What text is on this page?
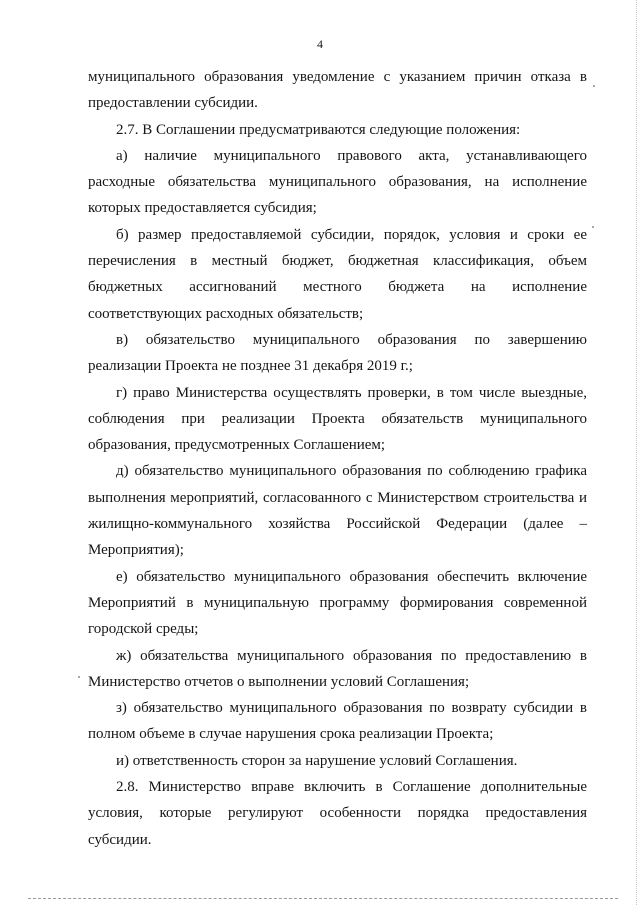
4

муниципального образования уведомление с указанием причин отказа в предоставлении субсидии.

2.7. В Соглашении предусматриваются следующие положения:

а) наличие муниципального правового акта, устанавливающего расходные обязательства муниципального образования, на исполнение которых предоставляется субсидия;

б) размер предоставляемой субсидии, порядок, условия и сроки ее перечисления в местный бюджет, бюджетная классификация, объем бюджетных ассигнований местного бюджета на исполнение соответствующих расходных обязательств;

в) обязательство муниципального образования по завершению реализации Проекта не позднее 31 декабря 2019 г.;

г) право Министерства осуществлять проверки, в том числе выездные, соблюдения при реализации Проекта обязательств муниципального образования, предусмотренных Соглашением;

д) обязательство муниципального образования по соблюдению графика выполнения мероприятий, согласованного с Министерством строительства и жилищно-коммунального хозяйства Российской Федерации (далее – Мероприятия);

е) обязательство муниципального образования обеспечить включение Мероприятий в муниципальную программу формирования современной городской среды;

ж) обязательства муниципального образования по предоставлению в Министерство отчетов о выполнении условий Соглашения;

з) обязательство муниципального образования по возврату субсидии в полном объеме в случае нарушения срока реализации Проекта;

и) ответственность сторон за нарушение условий Соглашения.

2.8. Министерство вправе включить в Соглашение дополнительные условия, которые регулируют особенности порядка предоставления субсидии.
